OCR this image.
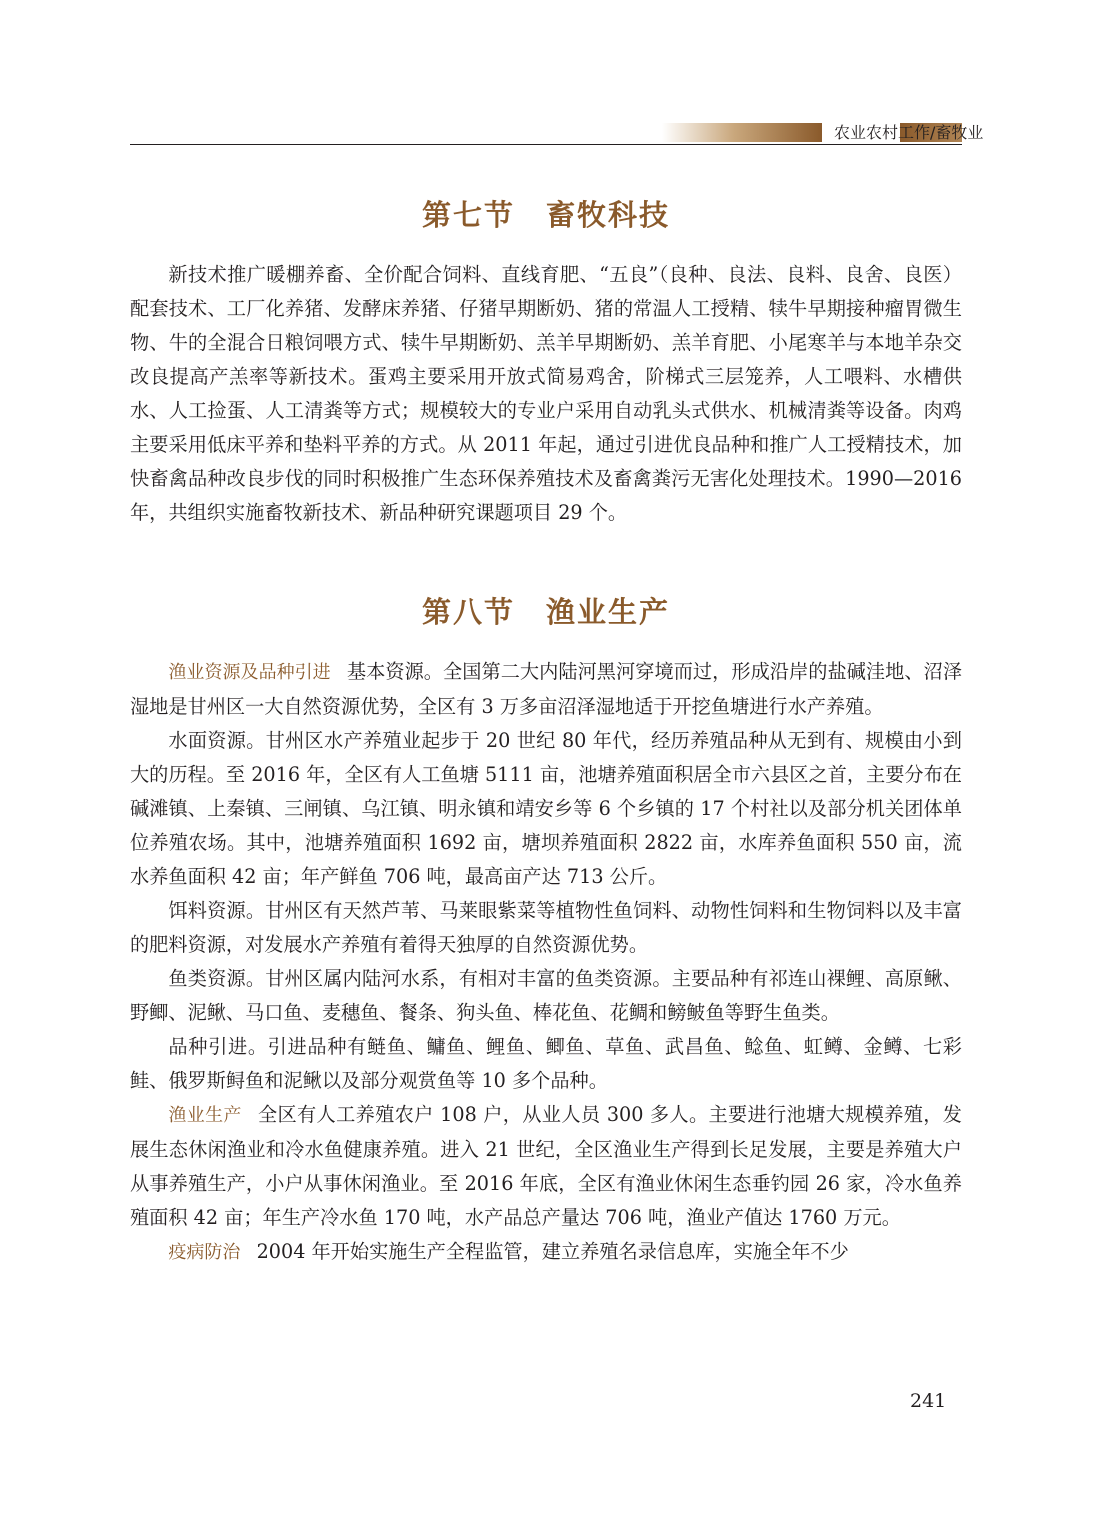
农业农村工作/畜牧业
第七节　畜牧科技

新技术推广暖棚养畜、全价配合饲料、直线育肥、“五良”（良种、良法、良料、良舍、良医）配套技术、工厂化养猪、发酵床养猪、仔猪早期断奶、猪的常温人工授精、犊牛早期接种瘤胃微生物、牛的全混合日粮饲喂方式、犊牛早期断奶、羔羊早期断奶、羔羊育肥、小尾寒羊与本地羊杂交改良提高产羔率等新技术。蛋鸡主要采用开放式简易鸡舍，阶梯式三层笼养，人工喂料、水槽供水、人工捡蛋、人工清粪等方式；规模较大的专业户采用自动乳头式供水、机械清粪等设备。肉鸡主要采用低床平养和垫料平养的方式。从 2011 年起，通过引进优良品种和推广人工授精技术，加快畜禽品种改良步伐的同时积极推广生态环保养殖技术及畜禽粪污无害化处理技术。1990—2016 年，共组织实施畜牧新技术、新品种研究课题项目 29 个。

第八节　渔业生产

渔业资源及品种引进 基本资源。全国第二大内陆河黑河穿境而过，形成沿岸的盐碱洼地、沼泽湿地是甘州区一大自然资源优势，全区有 3 万多亩沼泽湿地适于开挖鱼塘进行水产养殖。

水面资源。甘州区水产养殖业起步于 20 世纪 80 年代，经历养殖品种从无到有、规模由小到大的历程。至 2016 年，全区有人工鱼塘 5111 亩，池塘养殖面积居全市六县区之首，主要分布在碱滩镇、上秦镇、三闸镇、乌江镇、明永镇和靖安乡等 6 个乡镇的 17 个村社以及部分机关团体单位养殖农场。其中，池塘养殖面积 1692 亩，塘坝养殖面积 2822 亩，水库养鱼面积 550 亩，流水养鱼面积 42 亩；年产鲜鱼 706 吨，最高亩产达 713 公斤。

饵料资源。甘州区有天然芦苇、马莱眼紫菜等植物性鱼饲料、动物性饲料和生物饲料以及丰富的肥料资源，对发展水产养殖有着得天独厚的自然资源优势。

鱼类资源。甘州区属内陆河水系，有相对丰富的鱼类资源。主要品种有祁连山裸鲤、高原鳅、野鲫、泥鳅、马口鱼、麦穗鱼、餐条、狗头鱼、棒花鱼、花鲷和鳑鲏鱼等野生鱼类。

品种引进。引进品种有鲢鱼、鳙鱼、鲤鱼、鲫鱼、草鱼、武昌鱼、鲶鱼、虹鳟、金鳟、七彩鲑、俄罗斯鲟鱼和泥鳅以及部分观赏鱼等 10 多个品种。

渔业生产 全区有人工养殖农户 108 户，从业人员 300 多人。主要进行池塘大规模养殖，发展生态休闲渔业和冷水鱼健康养殖。进入 21 世纪，全区渔业生产得到长足发展，主要是养殖大户从事养殖生产，小户从事休闲渔业。至 2016 年底，全区有渔业休闲生态垂钓园 26 家，冷水鱼养殖面积 42 亩；年生产冷水鱼 170 吨，水产品总产量达 706 吨，渔业产值达 1760 万元。

疫病防治 2004 年开始实施生产全程监管，建立养殖名录信息库，实施全年不少

241
